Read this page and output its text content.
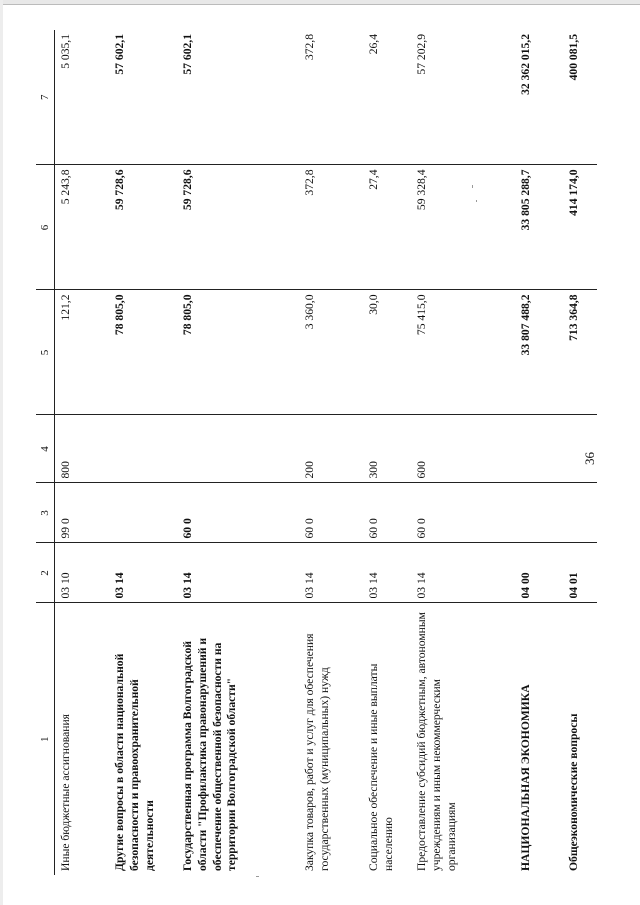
36
1	2	3	4	5	6	7
Иные бюджетные ассигнования	03 10	99 0	800	121,2	5 243,8	5 035,1
Другие вопросы в области национальной безопасности и правоохранительной деятельности	03 14			78 805,0	59 728,6	57 602,1
Государственная программа Волгоградской области "Профилактика правонарушений и обеспечение общественной безопасности на территории Волгоградской области"	03 14	60 0		78 805,0	59 728,6	57 602,1
Закупка товаров, работ и услуг для обеспечения государственных (муниципальных) нужд	03 14	60 0	200	3 360,0	372,8	372,8
Социальное обеспечение и иные выплаты населению	03 14	60 0	300	30,0	27,4	26,4
Предоставление субсидий бюджетным, автономным учреждениям и иным некоммерческим организациям	03 14	60 0	600	75 415,0	59 328,4	57 202,9
НАЦИОНАЛЬНАЯ ЭКОНОМИКА	04 00			33 807 488,2	33 805 288,7	32 362 015,2
Общеэкономические вопросы	04 01			713 364,8	414 174,0	400 081,5
